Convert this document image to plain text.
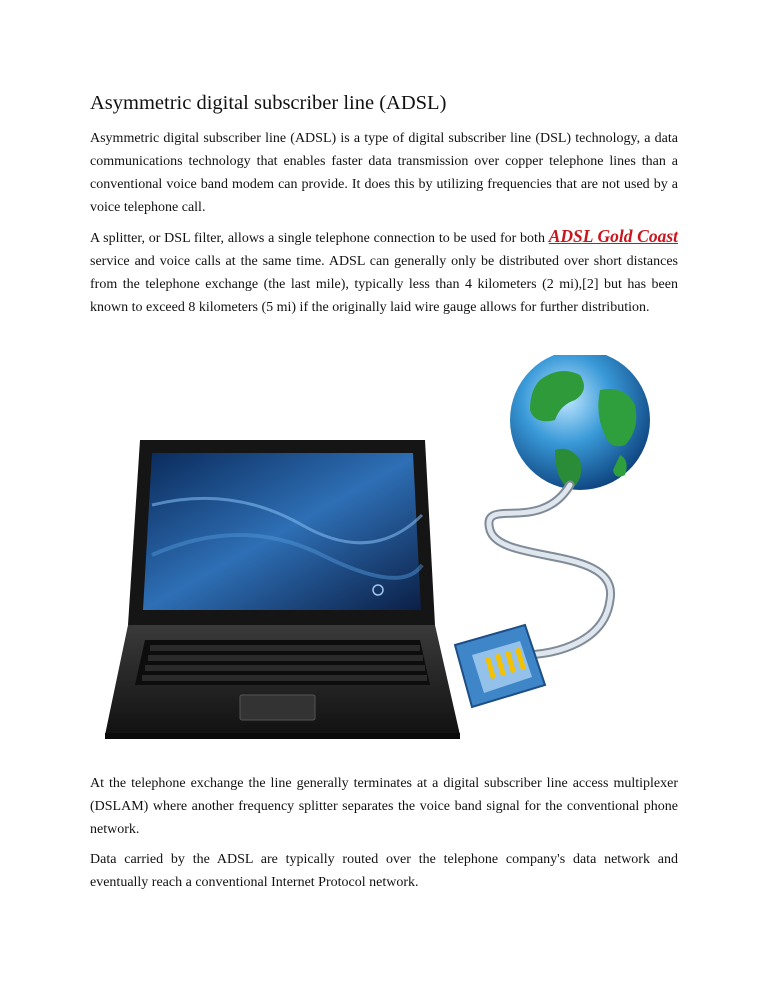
Asymmetric digital subscriber line (ADSL)

Asymmetric digital subscriber line (ADSL) is a type of digital subscriber line (DSL) technology, a data communications technology that enables faster data transmission over copper telephone lines than a conventional voice band modem can provide. It does this by utilizing frequencies that are not used by a voice telephone call.

A splitter, or DSL filter, allows a single telephone connection to be used for both ADSL Gold Coast service and voice calls at the same time. ADSL can generally only be distributed over short distances from the telephone exchange (the last mile), typically less than 4 kilometers (2 mi),[2] but has been known to exceed 8 kilometers (5 mi) if the originally laid wire gauge allows for further distribution.

At the telephone exchange the line generally terminates at a digital subscriber line access multiplexer (DSLAM) where another frequency splitter separates the voice band signal for the conventional phone network.

Data carried by the ADSL are typically routed over the telephone company's data network and eventually reach a conventional Internet Protocol network.
